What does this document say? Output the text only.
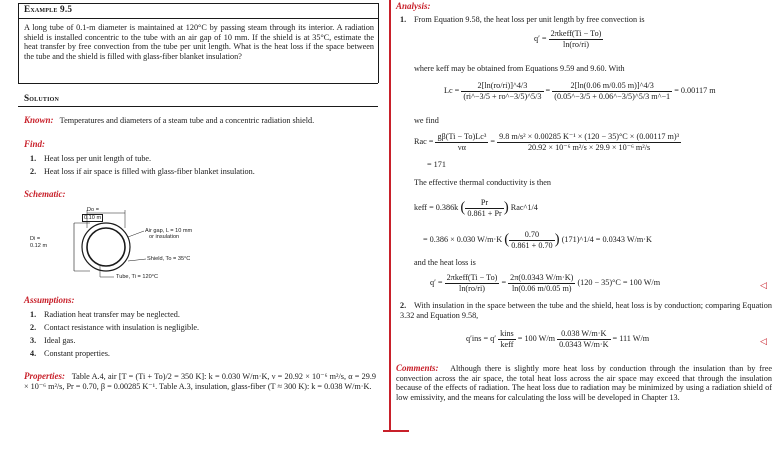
Example 9.5
A long tube of 0.1-m diameter is maintained at 120°C by passing steam through its interior. A radiation shield is installed concentric to the tube with an air gap of 10 mm. If the shield is at 35°C, estimate the heat transfer by free convection from the tube per unit length. What is the heat loss if the space between the tube and the shield is filled with glass-fiber blanket insulation?
Solution
Known: Temperatures and diameters of a steam tube and a concentric radiation shield.
Find:
1. Heat loss per unit length of tube.
2. Heat loss if air space is filled with glass-fiber blanket insulation.
Schematic:
Do =
0.10 m
Di =
0.12 m
Air gap, L = 10 mm
or insulation
Shield, To = 35°C
Tube, Ti = 120°C
Assumptions:
1. Radiation heat transfer may be neglected.
2. Contact resistance with insulation is negligible.
3. Ideal gas.
4. Constant properties.
Properties: Table A.4, air [T = (Ti + To)/2 = 350 K]: k = 0.030 W/m·K, ν = 20.92 × 10⁻⁶ m²/s, α = 29.9 × 10⁻⁶ m²/s, Pr = 0.70, β = 0.00285 K⁻¹. Table A.3, insulation, glass-fiber (T ≈ 300 K): k = 0.038 W/m·K.
Analysis:
1. From Equation 9.58, the heat loss per unit length by free convection is
$q' = \frac{\text{2πkeff(Ti − To)}}{\ln(ro/ri)}$
where keff may be obtained from Equations 9.59 and 9.60. With
$Lc = \frac{2[\ln(ro/ri)]\^{}4/3}{(ri\^{}-3/5 + ro\^{}-3/5)\^{}5/3} = \frac{2[\ln(0.06 m/0.05 m)]\^{}4/3}{(0.05\^{}-3/5 + 0.06\^{}-3/5)\^{}5/3 m\^{}-1} = 0.00117$ m
we find
Rac = $\frac{\text{gβ(Ti − To)Lc³}}{\nu\alpha} = \frac{\text{9.8 m/s² × 0.00285 K⁻¹ × (120 − 35)°C × (0.00117 m)³}}{\text{20.92 × 10⁻⁶ m²/s × 29.9 × 10⁻⁶ m²/s}}$
= 171
The effective thermal conductivity is then
keff = 0.386k ( $\frac{Pr}{0.861 + Pr}$ ) Rac^1/4
= 0.386 × 0.030 W/m·K ( $\frac{0.70}{0.861 + 0.70}$ ) (171)^1/4 = 0.0343 W/m·K
and the heat loss is
$q' = \frac{\text{2πkeff(Ti − To)}}{\ln(ro/ri)} = \frac{2\pi(0.0343 W/m\cdot K)}{\ln(0.06 m/0.05 m)} (120 - 35)^\circ C = 100$ W/m	◁
2. With insulation in the space between the tube and the shield, heat loss is by conduction; comparing Equation 3.32 and Equation 9.58,
$q'ins = q' \frac{\text{kins}}{\text{keff}} = 100$ $W/m \frac{0.038 W/m\cdot K}{0.0343 W/m\cdot K} = 111$ W/m	◁
Comments: Although there is slightly more heat loss by conduction through the insulation than by free convection across the air space, the total heat loss across the air space may exceed that through the insulation because of the effects of radiation. The heat loss due to radiation may be minimized by using a radiation shield of low emissivity, and the means for calculating the loss will be developed in Chapter 13.
